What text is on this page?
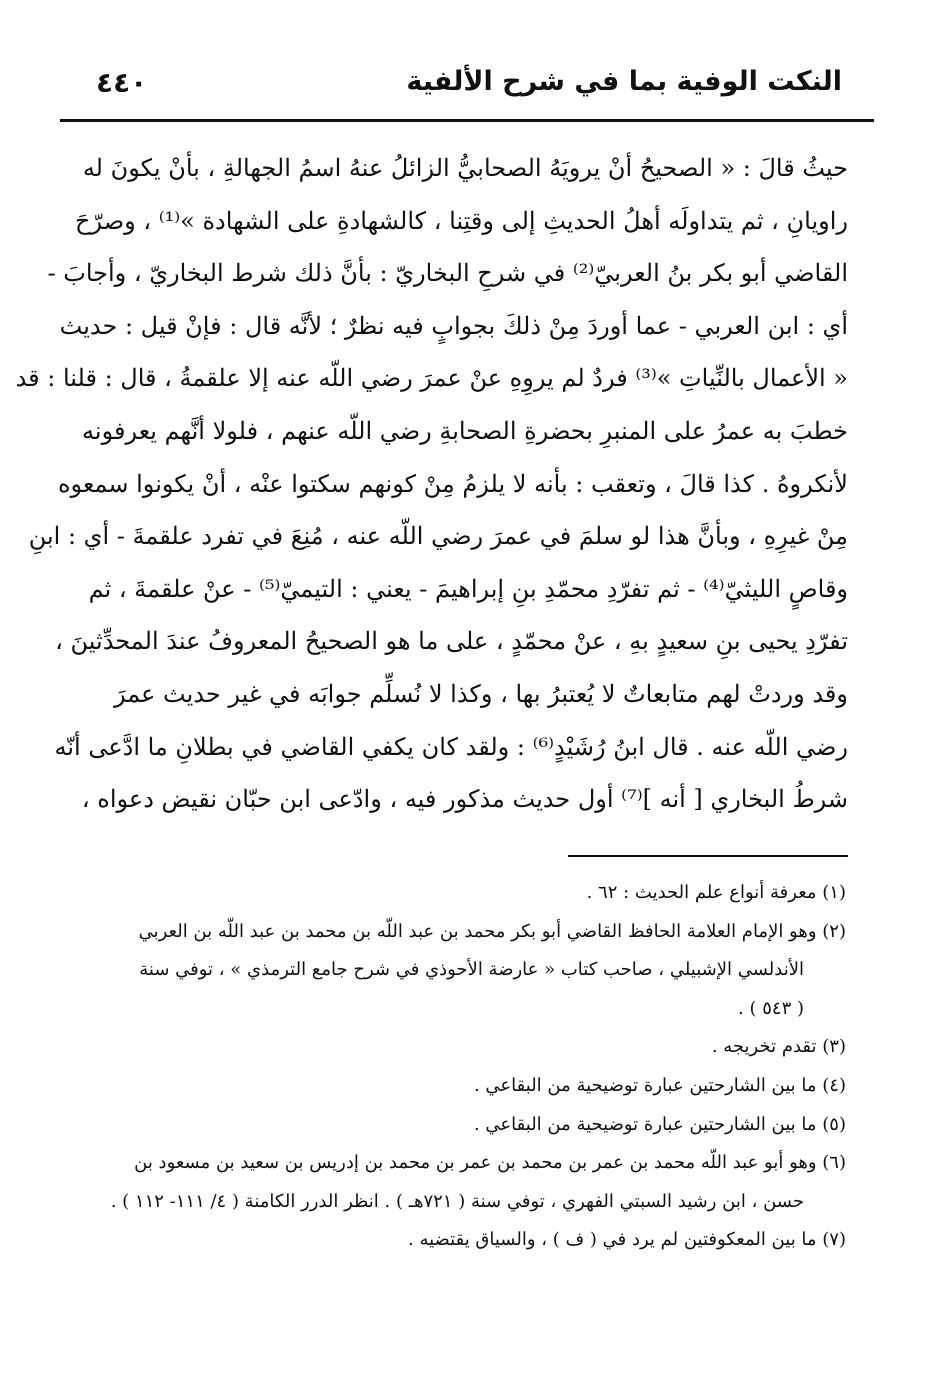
النكت الوفية بما في شرح الألفية
٤٤٠
حيثُ قالَ : « الصحيحُ أنْ يرويَهُ الصحابيُّ الزائلُ عنهُ اسمُ الجهالةِ ، بأنْ يكونَ له
راويانِ ، ثم يتداولَه أهلُ الحديثِ إلى وقتِنا ، كالشهادةِ على الشهادة »⁽¹⁾ ، وصرّحَ
القاضي أبو بكر بنُ العربيّ⁽²⁾ في شرحِ البخاريّ : بأنَّ ذلك شرط البخاريّ ، وأجابَ -
أي : ابن العربي - عما أوردَ مِنْ ذلكَ بجوابٍ فيه نظرٌ ؛ لأنَّه قال : فإنْ قيل : حديث
« الأعمال بالنِّياتِ »⁽³⁾ فردٌ لم يروِهِ عنْ عمرَ رضي اللّه عنه إلا علقمةُ ، قال : قلنا : قد
خطبَ به عمرُ على المنبرِ بحضرةِ الصحابةِ رضي اللّه عنهم ، فلولا أنَّهم يعرفونه
لأنكروهُ . كذا قالَ ، وتعقب : بأنه لا يلزمُ مِنْ كونهم سكتوا عنْه ، أنْ يكونوا سمعوه
مِنْ غيرِهِ ، وبأنَّ هذا لو سلمَ في عمرَ رضي اللّه عنه ، مُنِعَ في تفرد علقمةَ - أي : ابنِ
وقاصٍ الليثيّ⁽⁴⁾ - ثم تفرّدِ محمّدِ بنِ إبراهيمَ - يعني : التيميّ⁽⁵⁾ - عنْ علقمةَ ، ثم
تفرّدِ يحيى بنِ سعيدٍ بهِ ، عنْ محمّدٍ ، على ما هو الصحيحُ المعروفُ عندَ المحدِّثينَ ،
وقد وردتْ لهم متابعاتٌ لا يُعتبرُ بها ، وكذا لا نُسلِّم جوابَه في غير حديث عمرَ
رضي اللّه عنه . قال ابنُ رُشَيْدٍ⁽⁶⁾ : ولقد كان يكفي القاضي في بطلانِ ما ادَّعى أنّه
شرطُ البخاري [ أنه ]⁽⁷⁾ أول حديث مذكور فيه ، وادّعى ابن حبّان نقيض دعواه ،
(١) معرفة أنواع علم الحديث : ٦٢ .
(٢) وهو الإمام العلامة الحافظ القاضي أبو بكر محمد بن عبد اللّه بن محمد بن عبد اللّه بن العربي
الأندلسي الإشبيلي ، صاحب كتاب « عارضة الأحوذي في شرح جامع الترمذي » ، توفي سنة
( ٥٤٣ ) .
(٣) تقدم تخريجه .
(٤) ما بين الشارحتين عبارة توضيحية من البقاعي .
(٥) ما بين الشارحتين عبارة توضيحية من البقاعي .
(٦) وهو أبو عبد اللّه محمد بن عمر بن محمد بن عمر بن محمد بن إدريس بن سعيد بن مسعود بن
حسن ، ابن رشيد السبتي الفهري ، توفي سنة ( ٧٢١هـ ) . انظر الدرر الكامنة ( ٤/ ١١١- ١١٢ ) .
(٧) ما بين المعكوفتين لم يرد في ( ف ) ، والسياق يقتضيه .
